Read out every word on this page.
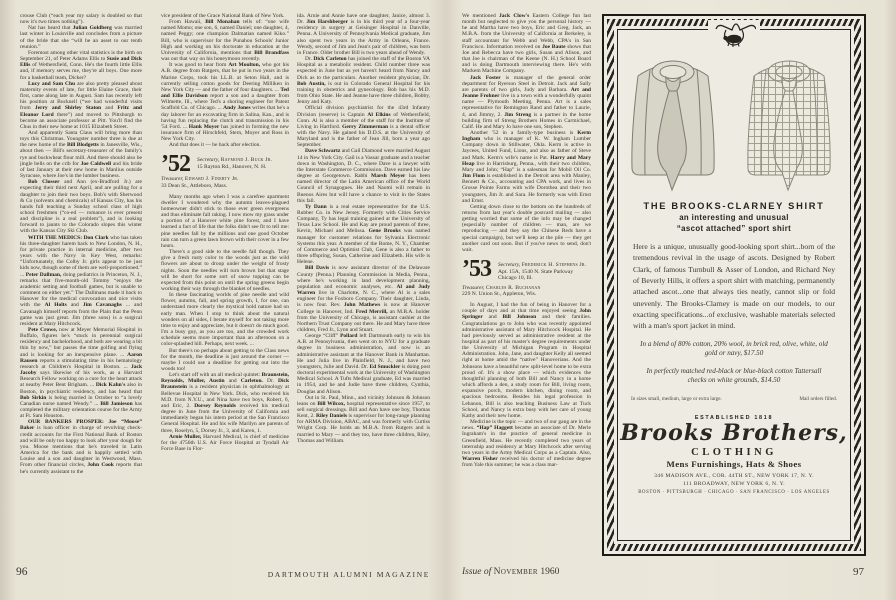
crouse Club (“each year my salary is doubled so that now it's two times nothing”).

Nat has heard that Julian Goldberg was married last winter in Louisville and concludes from a picture of the bride that she “will be an asset to our tenth reunion.”

Foremost among other vital statistics is the birth on September 21, of Peter Adams Ellis to Susie and Dick Ellis of Wethersfield, Conn. He's the fourth little Ellis and, if memory serves me, they're all boys. One more for a basketball team, Dicker?

Lucy and Sam Chu are also pretty pleased about maternity events of late, for little Elaine Grace, their first, came along late in August. Sam has recently left his position at Bucknell (“we had wonderful visits from Jerry and Shirley Staton and Fritz and Eleanor Lord there”) and moved to Pittsburgh to become an associate professor at Pitt. You'll find the Chus in their new home at 1015 Elizabeth Street.

And apparently Santa Claus will bring more than toys this Christmas. Youngster number three is due at the new home of the Bill Blodgetts in Janesville, Wis., about then — Bill's secretary-treasurer of the family's rye and buckwheat flour mill. And there should also be jingle bells on the crib for Joe Caldwell and his bride of last January at their new home in Manlius outside Syracuse, where Joe's in the lumber business.

Bob Closser and Ann (ex-Bradford Jr.) are expecting their third next April, and are pulling for a daughter to join their two boys. Bob's with Sherwood & Co (solvents and chemicals) of Kansas City, has his hands full teaching a Sunday school class of high school freshmen (“co-ed — romance is ever present and discipline is a real problem”), and is looking forward to jaunts to the Colorado slopes this winter with the Kansas City Ski Club.

WITH THE MEDICS: Don Clark who has taken his three-daughter harem back to New London, N. H., for private practice in internal medicine, after two years with the Navy in Key West, remarks: “Unfortunately, the Colby Jr. girls appear to be just kids now, though some of them are well-proportioned.” ... Peter Dallman, doing pediatrics in Princeton, N. J., remarks that five-month-old Tommy “enjoys the academic setting and football games, but is unable to comment on either yet.” The Dallmans made it back to Hanover for the medical convocation and nice visits with the Al Holts and Jim Cavanaghs ... and Cavanagh himself reports from the Plain that the Penn game was just great. Jim (three sons) is a surgical resident at Mary Hitchcock.

Pete Crowe, now at Meyer Memorial Hospital in Buffalo, figures he's “stuck in perennial surgical residency and bachelorhood, and both are wearing a bit thin by now,” but passes the time golfing and flying and is looking for an inexpensive plane. ... Aaron Rausen reports a stimulating time in his hematology research at Children's Hospital in Boston. ... Jack Jacoby says likewise of his work, as a Harvard Research Fellow working on a cure for the heart attack at nearby Peter Bent Brigham. ... Dick Kahn's also in Boston, in psychiatric residency, and has heard that Bob Sirkin is being married in October to “a lovely Canadian nurse named Wendy.” ... Bill Jamieson has completed the military orientation course for the Army at Ft. Sam Houston.

OUR BANKERS PROSPER: Joe “Moose” Baker is loan officer in charge of revolving check-credit accounts for the First National Bank of Boston and will be only too happy to look after your dough for you. Moose mentions that he's traveled in Latin America for the bank and is happily settled with Louise and a son and daughter in Westwood, Mass. From other financial circles, John Cook reports that he's currently assistant to the

vice president of the Grace National Bank of New York.

From Hawaii, Bill Monahan tells of: “one wife named Momo; one son, 6, named Daniel; one daughter, 4, named Peggy; one champion Dalmatian named Kiko.” Bill, who is supervisor for the Punahou Schools' Junior High and working on his doctorate in education at the University of California, mentions that Bill Brandfass was out that way on his honeymoon recently.

It was good to hear from Art Moulton, who got his A.B. degree from Rutgers, that he put in two years in the Marine Corps, took his LL.B. at Seton Hall, and is currently selling cotton goods for Deering Milliken in New York City — and the father of four daughters. ... Ted and Ellie Davidson report a son and a daughter from Wilmette, Ill., where Ted's a shoring engineer for Patent Scaffold Co. of Chicago. ... Andy Jones writes that he's a day laborer for an excavating firm in Salina, Kan., and is having fun replacing the clutch and transmission in his '54 Ford. ... Hank Moyer has joined in forming the new insurance firm of Hirschfeld, Stern, Moyer and Ross in New York City.

And that does it — be back after election.

’52	Secretary, Raymond J. Buck Jr.
15 Rayton Rd., Hanover, N. H.
Treasurer, Edward J. Finerty Jr.
33 Dean St., Attleboro, Mass.

Many months ago when I was a carefree apartment dweller I wondered why the autumn leaves-plagued homeowner didn't stick to those ever green evergreens and thus eliminate fall raking. I now mow my grass under a portion of a Hanover white pine forest, and I have learned a fact of life that the folks didn't see fit to tell me: pine needles fall by the millions and one good October rain can turn a green lawn brown with their cover in a few hours.

There's a good side to the needle fall though. They give a fresh rusty color to the woods just as the wild flowers are about to droop under the weight of frosty nights. Soon the needles will turn brown but that stage will be short for some sort of snow topping can be expected from this point on until the spring greens begin working their way through the blanket of needles.

In these fascinating worlds of pine needle and wild flower, autumn, fall, and spring growth, I, for one, can understand more clearly the mystical hold nature had on early man. When I stop to think about the natural wonders on all sides, I berate myself for not taking more time to enjoy and appreciate, but it doesn't do much good. I'm a busy guy, as you are too, and the crowded work schedule seems more important than an afternoon on a color-splashed hill. Perhaps, next week. ...

But there's no perhaps about getting to the Class news for the month, the deadline is just around the corner — maybe I could use a deadline for getting out into the woods too!

Let's start off with an all medical quintet: Braunstein, Reynolds, Muller, Austin and Carleton. Dr. Dick Braunstein is a resident physician in ophthalmology at Bellevue Hospital in New York. Dick, who received his M.D. from N.Y.U., and Nina have two boys, Robert, 6, and Eric, 2. Dorsey Reynolds received his medical degree in June from the University of California and immediately began his intern period at the San Francisco General Hospital. He and his wife Marilyn are parents of three, Roselyn, 5, Dorsey Jr., 3, and Karen, 1.

Arnie Muller, Harvard Medical, is chief of medicine for the 4756th U.S. Air Force Hospital at Tyndall Air Force Base in Flor-

ida. Arnie and Annie have one daughter, Janice, almost 3. Dr. Jim Harshberger is in his third year of a four-year residency in surgery at Geisinger Hospital in Danville, Penna. A University of Pennsylvania Medical graduate, Jim also spent two years in the Army in Orleans, France. Wendy, second of Jim and Jean's pair of children, was born in France. Older brother Bill is two years ahead of Wendy.

Dr. Dick Carleton has joined the staff of the Boston VA Hospital as a metabolic resident. Child number three was expected in June but as yet haven't heard from Nancy and Dick as to the particulars. Another resident physician, Dr. Bob Austin, is out in Colorado General Hospital for his training in obstetrics and gynecology. Bob has his M.D. from Ohio State. He and Jeanne have three children, Bobby, Jenny and Katy.

Official division psychiatrist for the 43rd Infantry Division (reserve) is Captain Al Elkins of Wethersfield, Conn. Al is also a member of the staff for the Institute of Living in Hartford. Gerry Zimmerman is a dental officer with the Navy. He gained his D.D.S. at the University of Maryland and is the father of Jean Jill, born a year ago September.

Dave Schwartz and Gail Diamond were married August 14 in New York City. Gail is a Vassar graduate and a teacher down in Washington, D. C., where Dave is a lawyer with the Interstate Commerce Commission. Dave earned his law degree at Georgetown. Rabbi Marsh Meyer has been named director of the Latin American office of the World Council of Synagogues. He and Naomi will remain in Buenos Aires but will have a chance to visit in the States this fall.

Ty Dann is a real estate representative for the U.S. Rubber Co. in New Jersey. Formerly with Cities Service Company, Ty has legal training gained at the University of Texas Law School. He and Kay are proud parents of three, Kevin, Michael and Melissa. Gene Brooks was named manager for customer relations for Sylvania Electronic Systems this year. A member of the Rome, N. Y., Chamber of Commerce and Optimist Club, Gene is also a father to three offspring, Susan, Catherine and Elizabeth. His wife is Helene.

Bill Davis is now assistant director of the Delaware County (Penna.) Planning Commission in Media, Penna., where he's working in land development planning, population and economic analyses, etc. Al and Judy Warren live in Charlotte, N. C., where Al is a sales engineer for the Foxboro Company. Their daughter, Linda, is now four. Rev. John Mathews is now at Hanover College in Hanover, Ind. Fred Merrill, an M.B.A. holder from the University of Chicago, is assistant cashier at the Northern Trust Company out there. He and Mary have three children, Fred Jr., Lynn and Stuart.

George “Cliff” Pollard left Dartmouth early to win his A.B. at Pennsylvania, then went on to NYU for a graduate degree in business administration, and now is an administrative assistant at the Hanover Bank in Manhattan. He and Julia live in Plainfield, N. J., and have two youngsters, Julie and David. Dr. Ed Smuckler is doing post doctoral experimental work at the University of Washington Medical School. A Tufts Medical graduate, Ed was married in 1954, and he and Judie have three children, Cynthia, Douglas and Alison.

Out in St. Paul, Minn., and vicinity Johnson & Johnson leans on Bill Wilcox, hospital representative since 1957, to sell surgical dressings. Bill and Ann have one boy, Thomas Kent, 2. Riley Daniels is supervisor for long-range planning for ARMA Division, ABAC, and was formerly with Curtiss Wright Corp. He holds an M.B.A. from Rutgers and is married to Mary — and they too, have three children, Riley, Thomas and William.

We mentioned Jack Clow's Eastern College fun last month but neglected to give you the personal history — he and Martha have two boys, Eric and Greg. Jack, an M.B.A. from the University of California at Berkeley, is staff accountant for Webb and Webb, CPA's in San Francisco. Information received on Joe Baute shows that Joe and Rebecca have two girls, Susan and Alison, and that Joe is chairman of the Keene (N. H.) School Board and is doing Dartmouth interviewing there. He's with Markem Machine Company.

Jack Foster is manager of the general order department for Ryerson Steel in Detroit. Jack and Sally are parents of two girls, Judy and Barbara. Art and Jeanne Frohner live in a town with a wonderfully quaint name — Plymouth Meeting, Penna. Art is a sales representative for Remington Rand and father to Laurie, 4, and Jimmy, 2. Jim Streng is a partner in the home building firm of Streng Brothers Homes in Carmichael, Calif. He and Mary Jo have one son, Stephen.

Another '52 in a family-type business is Kerm Ingham who is manager of K. W. Ingham Lumber Company down in Stillwater, Okla. Kerm is active in Jaycees, United Fund, Lions, and also as father of Steve and Mark. Kerm's wife's name is Pat. Harry and Mary Heap live in Harrisburg, Penna., with their two children, Mary and John; “Hap” is a salesman for Mobil Oil Co. Jim Flom is established in the Detroit area with Manley, Bennett & Co., accounting and CPA work, and lives in Grosse Pointe Farms with wife Dorothea and their two youngsters, Jim Jr. and Sara. He formerly was with Ernst and Ernst.

Getting down close to the bottom on the hundreds of returns from last year's double postcard mailing — also getting worried that some of the info may be changed (especially number of children — man, are we reproducing — and they say the Chinese Reds have a special campaign), but we'll keep at the pile — they get another card out soon. But if you've news to send, don't wait.

’53	Secretary, Frederick H. Stephens Jr.
Apt. 15A, 1540 N. State Parkway
Chicago 10, Ill.
Treasurer, Charles R. Buchanan
229 N. Union St., Appleton, Wis.

In August, I had the fun of being in Hanover for a couple of days and at that time enjoyed seeing John Springer and Bill Johnson and their families. Congratulations go to John who was recently appointed administrative assistant of Mary Hitchcock Hospital. He had previously served as administrative resident at the hospital as part of his master's degree requirements under the University of Michigan Program in Hospital Administration. John, Jane, and daughter Kelly all seemed right at home amid the “native” Hanoverians. And the Johnsons have a beautiful new split-level home to be extra proud of. It's a show place — which evidences the thoughtful planning of both Bill and Nancy in a home which affords a den, a study room for Bill, living room, expansive porch, modern kitchen, dining room, and spacious bedrooms. Besides his legal profession in Lebanon, Bill is also teaching Business Law at Tuck School, and Nancy is extra busy with her care of young Kathy and their new home.

Medicine is the topic — and two of our gang are in the news. “Hap” Haggett became an associate of Dr. Merle Ingraham's in the practice of general medicine in Greenfield, Mass. He recently completed two years of internship and residency at Mary Hitchcock after serving two years in the Army Medical Corps as a Captain. Also, Warren Fisher received his doctor of medicine degree from Yale this summer; he was a class mar-

THE BROOKS-CLARNEY SHIRT
an interesting and unusual
“ascot attached” sport shirt

Here is a unique, unusually good-looking sport shirt...born of the tremendous revival in the usage of ascots. Designed by Robert Clark, of famous Turnbull & Asser of London, and Richard Ney of Beverly Hills, it offers a sport shirt with matching, permanently attached ascot...one that always ties neatly, cannot slip or fold unevenly. The Brooks-Clarney is made on our models, to our exacting specifications...of exclusive, washable materials selected with a man's sport jacket in mind.

In a blend of 80% cotton, 20% wool, in brick red, olive, white, old gold or navy, $17.50

In perfectly matched red-black or blue-black cotton Tattersall checks on white grounds, $14.50

In sizes small, medium, large or extra large.	Mail orders filled.
ESTABLISHED 1818
Brooks Brothers,
CLOTHING
Mens Furnishings, Hats & Shoes
346 MADISON AVE., COR. 44TH ST., NEW YORK 17, N. Y.
111 BROADWAY, NEW YORK 6, N. Y.
BOSTON · PITTSBURGH · CHICAGO · SAN FRANCISCO · LOS ANGELES
96	DARTMOUTH ALUMNI MAGAZINE	Issue of November 1960	97
